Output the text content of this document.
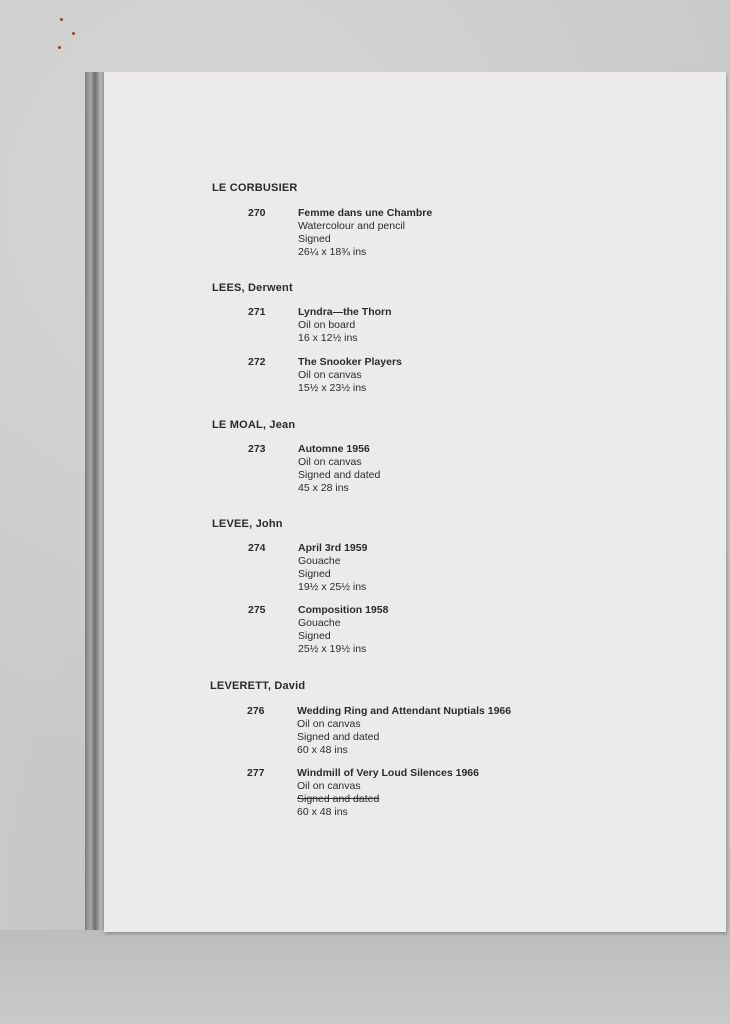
LE CORBUSIER
270	Femme dans une Chambre
Watercolour and pencil
Signed
26¼ x 18¾ ins
LEES, Derwent
271	Lyndra—the Thorn
Oil on board
16 x 12½ ins
272	The Snooker Players
Oil on canvas
15½ x 23½ ins
LE MOAL, Jean
273	Automne 1956
Oil on canvas
Signed and dated
45 x 28 ins
LEVEE, John
274	April 3rd 1959
Gouache
Signed
19½ x 25½ ins
275	Composition 1958
Gouache
Signed
25½ x 19½ ins
LEVERETT, David
276	Wedding Ring and Attendant Nuptials 1966
Oil on canvas
Signed and dated
60 x 48 ins
277	Windmill of Very Loud Silences 1966
Oil on canvas
Signed and dated
60 x 48 ins
